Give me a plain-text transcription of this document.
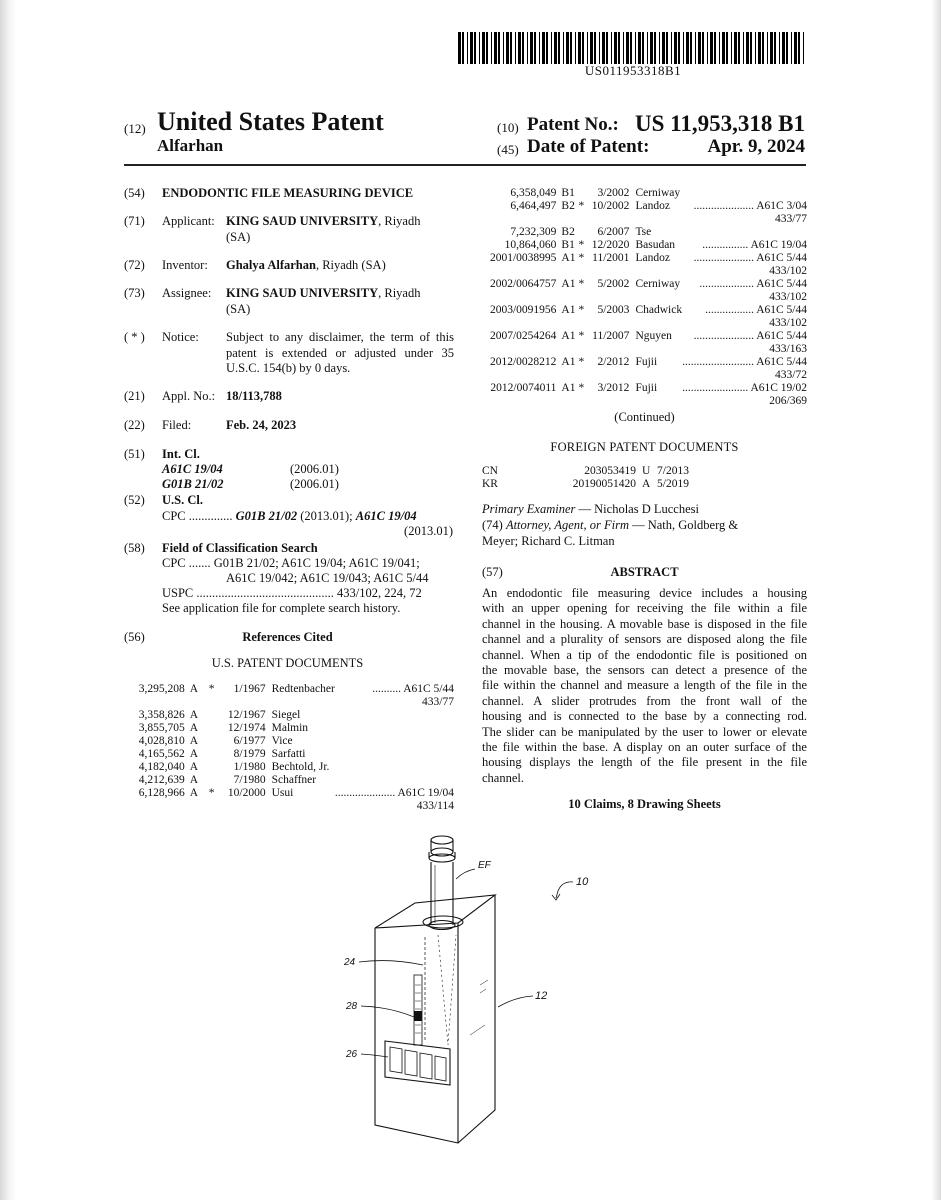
US011953318B1
(12) United States Patent
Alfarhan
(10) Patent No.: US 11,953,318 B1
(45) Date of Patent:	Apr. 9, 2024
(54) ENDODONTIC FILE MEASURING DEVICE
(71) Applicant: KING SAUD UNIVERSITY, Riyadh
(SA)
(72) Inventor: Ghalya Alfarhan, Riyadh (SA)
(73) Assignee: KING SAUD UNIVERSITY, Riyadh
(SA)
( * ) Notice: Subject to any disclaimer, the term of this
patent is extended or adjusted under 35
U.S.C. 154(b) by 0 days.
(21) Appl. No.: 18/113,788
(22) Filed:	Feb. 24, 2023
(51) Int. Cl.
A61C 19/04	(2006.01)
G01B 21/02	(2006.01)
(52) U.S. Cl.
CPC .............. G01B 21/02 (2013.01); A61C 19/04
(2013.01)
(58) Field of Classification Search
CPC ....... G01B 21/02; A61C 19/04; A61C 19/041;
A61C 19/042; A61C 19/043; A61C 5/44
USPC ............................................ 433/102, 224, 72
See application file for complete search history.
(56)	References Cited
U.S. PATENT DOCUMENTS
3,295,208	A	*	1/1967	Redtenbacher	.......... A61C 5/44
433/77					
3,358,826	A		12/1967	Siegel	
3,855,705	A		12/1974	Malmin	
4,028,810	A		6/1977	Vice	
4,165,562	A		8/1979	Sarfatti	
4,182,040	A		1/1980	Bechtold, Jr.	
4,212,639	A		7/1980	Schaffner	
6,128,966	A	*	10/2000	Usui	..................... A61C 19/04
433/114					
6,358,049	B1		3/2002	Cerniway	
6,464,497	B2	*	10/2002	Landoz	..................... A61C 3/04
433/77					
7,232,309	B2		6/2007	Tse	
10,864,060	B1	*	12/2020	Basudan	................ A61C 19/04
2001/0038995	A1	*	11/2001	Landoz	..................... A61C 5/44
433/102					
2002/0064757	A1	*	5/2002	Cerniway	................... A61C 5/44
433/102					
2003/0091956	A1	*	5/2003	Chadwick	................. A61C 5/44
433/102					
2007/0254264	A1	*	11/2007	Nguyen	..................... A61C 5/44
433/163					
2012/0028212	A1	*	2/2012	Fujii	......................... A61C 5/44
433/72					
2012/0074011	A1	*	3/2012	Fujii	....................... A61C 19/02
206/369					
(Continued)
FOREIGN PATENT DOCUMENTS
CN	203053419 U 7/2013
KR	20190051420 A 5/2019
Primary Examiner — Nicholas D Lucchesi
(74) Attorney, Agent, or Firm — Nath, Goldberg &
Meyer; Richard C. Litman
(57)	ABSTRACT
An endodontic file measuring device includes a housing
with an upper opening for receiving the file within a file
channel in the housing. A movable base is disposed in the file
channel and a plurality of sensors are disposed along the file
channel. When a tip of the endodontic file is positioned on
the movable base, the sensors can detect a presence of the
file within the channel and measure a length of the file in the
channel. A slider protrudes from the front wall of the
housing and is connected to the base by a connecting rod.
The slider can be manipulated by the user to lower or elevate
the file within the base. A display on an outer surface of the
housing displays the length of the file present in the file
channel.
10 Claims, 8 Drawing Sheets
EF
10
12
24
28
26
